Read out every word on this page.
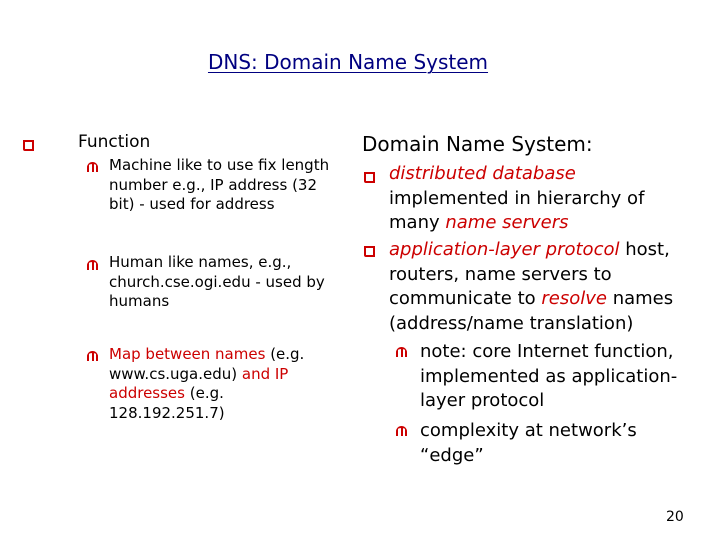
DNS: Domain Name System
Function
Machine like to use fix length number e.g., IP address (32 bit) - used for address
Human like names, e.g., church.cse.ogi.edu - used by humans
Map between names (e.g. www.cs.uga.edu) and IP addresses (e.g. 128.192.251.7)
Domain Name System:
distributed database implemented in hierarchy of many name servers
application-layer protocol host, routers, name servers to communicate to resolve names (address/name translation)
note: core Internet function, implemented as application-layer protocol
complexity at network’s “edge”
20
